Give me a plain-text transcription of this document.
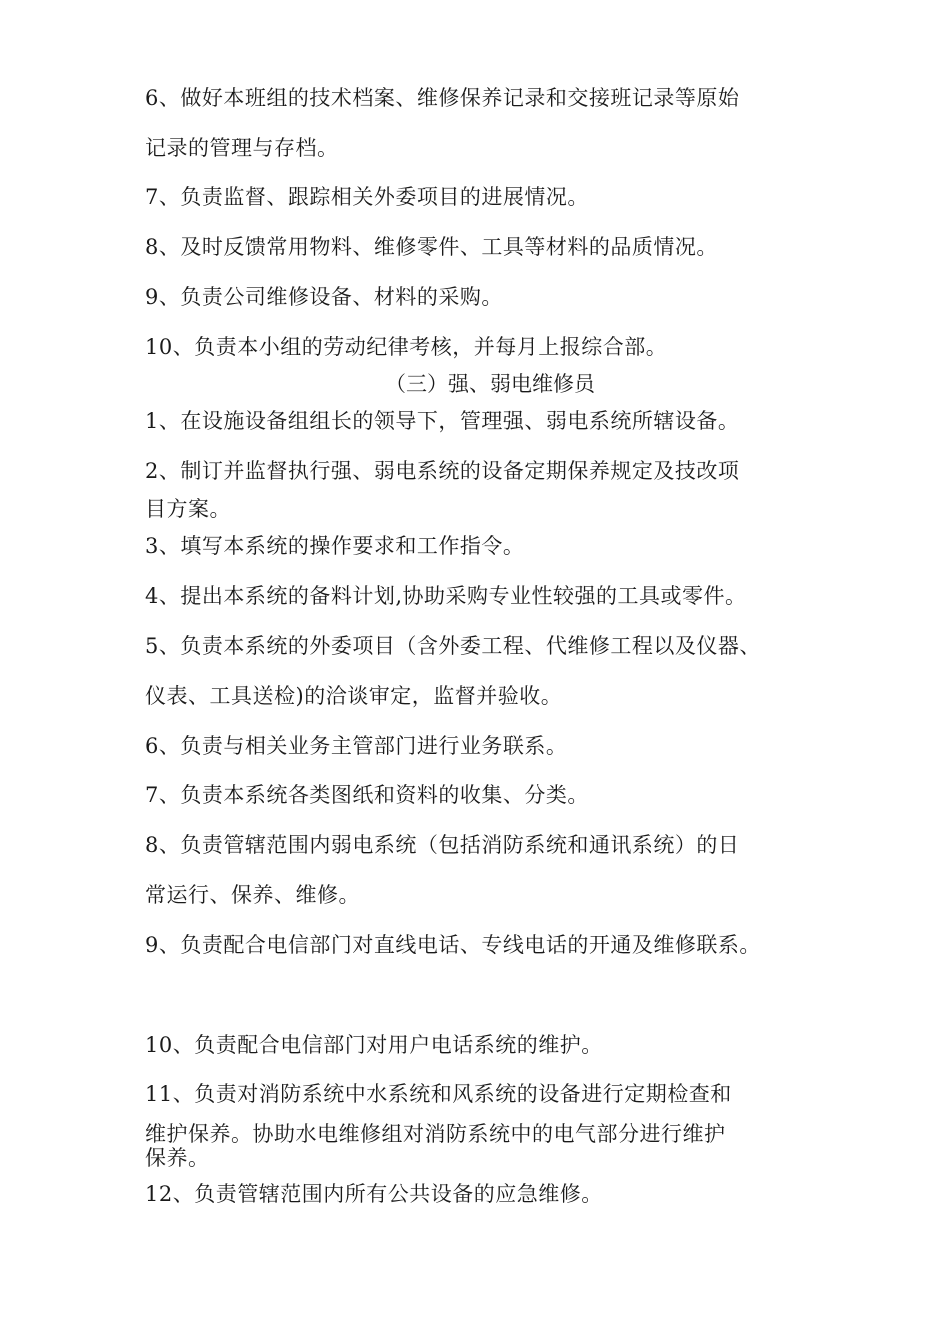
6、做好本班组的技术档案、维修保养记录和交接班记录等原始
记录的管理与存档。
7、负责监督、跟踪相关外委项目的进展情况。
8、及时反馈常用物料、维修零件、工具等材料的品质情况。
9、负责公司维修设备、材料的采购。
10、负责本小组的劳动纪律考核，并每月上报综合部。
（三）强、弱电维修员
1、在设施设备组组长的领导下，管理强、弱电系统所辖设备。
2、制订并监督执行强、弱电系统的设备定期保养规定及技改项
目方案。
3、填写本系统的操作要求和工作指令。
4、提出本系统的备料计划,协助采购专业性较强的工具或零件。
5、负责本系统的外委项目（含外委工程、代维修工程以及仪器、
仪表、工具送检)的洽谈审定，监督并验收。
6、负责与相关业务主管部门进行业务联系。
7、负责本系统各类图纸和资料的收集、分类。
8、负责管辖范围内弱电系统（包括消防系统和通讯系统）的日
常运行、保养、维修。
9、负责配合电信部门对直线电话、专线电话的开通及维修联系。
10、负责配合电信部门对用户电话系统的维护。
11、负责对消防系统中水系统和风系统的设备进行定期检查和
维护保养。协助水电维修组对消防系统中的电气部分进行维护
保养。
12、负责管辖范围内所有公共设备的应急维修。
